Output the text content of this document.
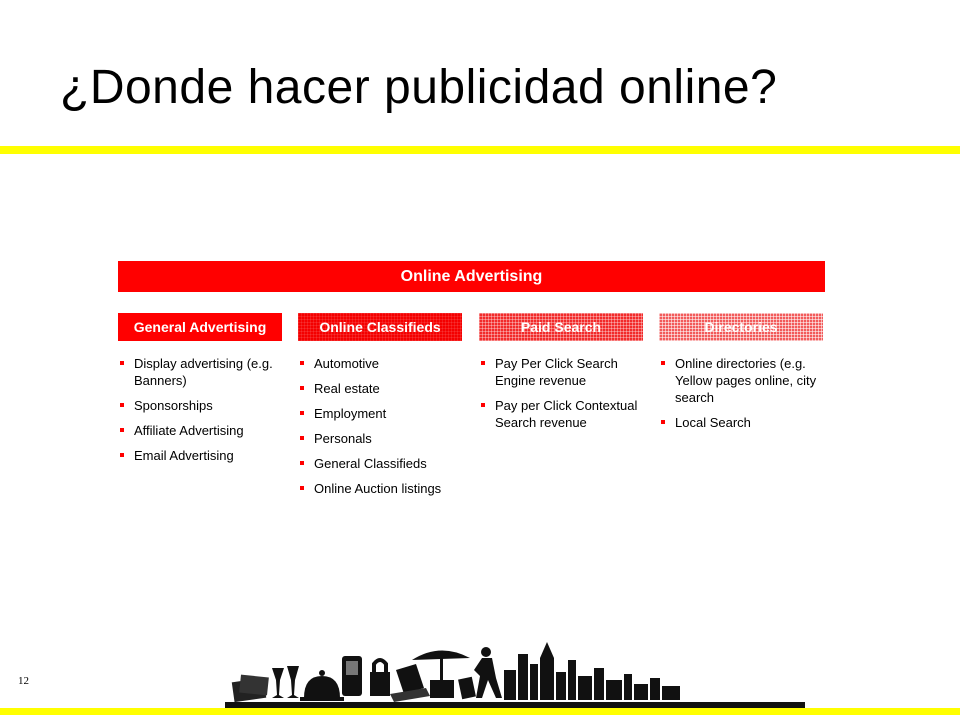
¿Donde hacer publicidad online?
Online Advertising
General Advertising
Display advertising (e.g. Banners)
Sponsorships
Affiliate Advertising
Email Advertising
Online Classifieds
Automotive
Real estate
Employment
Personals
General Classifieds
Online Auction listings
Paid Search
Pay Per Click Search Engine revenue
Pay per Click Contextual Search revenue
Directories
Online directories (e.g. Yellow pages online, city search
Local Search
12
